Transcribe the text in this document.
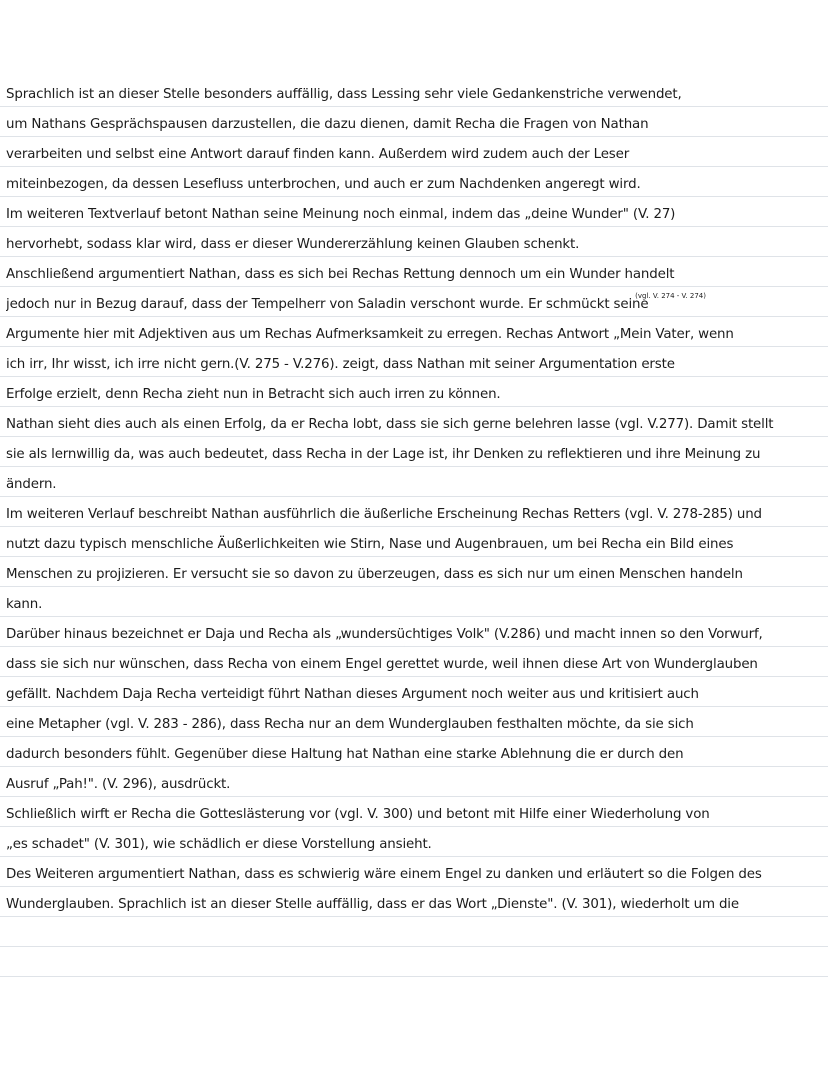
Sprachlich ist an dieser Stelle besonders auffällig, dass Lessing sehr viele Gedankenstriche verwendet,
um Nathans Gesprächspausen darzustellen, die dazu dienen, damit Recha die Fragen von Nathan
verarbeiten und selbst eine Antwort darauf finden kann. Außerdem wird zudem auch der Leser
miteinbezogen, da dessen Lesefluss unterbrochen, und auch er zum Nachdenken angeregt wird.
Im weiteren Textverlauf betont Nathan seine Meinung noch einmal, indem das „deine Wunder" (V. 27)
hervorhebt, sodass klar wird, dass er dieser Wundererzählung keinen Glauben schenkt.
Anschließend argumentiert Nathan, dass es sich bei Rechas Rettung dennoch um ein Wunder handelt
jedoch nur in Bezug darauf, dass der Tempelherr von Saladin verschont wurde. Er schmückt seine
Argumente hier mit Adjektiven aus um Rechas Aufmerksamkeit zu erregen. Rechas Antwort „Mein Vater, wenn
ich irr, Ihr wisst, ich irre nicht gern.(V. 275 - V.276). zeigt, dass Nathan mit seiner Argumentation erste
Erfolge erzielt, denn Recha zieht nun in Betracht sich auch irren zu können.
Nathan sieht dies auch als einen Erfolg, da er Recha lobt, dass sie sich gerne belehren lasse (vgl. V.277). Damit stellt
sie als lernwillig da, was auch bedeutet, dass Recha in der Lage ist, ihr Denken zu reflektieren und ihre Meinung zu
ändern.
Im weiteren Verlauf beschreibt Nathan ausführlich die äußerliche Erscheinung Rechas Retters (vgl. V. 278-285) und
nutzt dazu typisch menschliche Äußerlichkeiten wie Stirn, Nase und Augenbrauen, um bei Recha ein Bild eines
Menschen zu projizieren. Er versucht sie so davon zu überzeugen, dass es sich nur um einen Menschen handeln
kann.
Darüber hinaus bezeichnet er Daja und Recha als „wundersüchtiges Volk" (V.286) und macht innen so den Vorwurf,
dass sie sich nur wünschen, dass Recha von einem Engel gerettet wurde, weil ihnen diese Art von Wunderglauben
gefällt. Nachdem Daja Recha verteidigt führt Nathan dieses Argument noch weiter aus und kritisiert auch
eine Metapher (vgl. V. 283 - 286), dass Recha nur an dem Wunderglauben festhalten möchte, da sie sich
dadurch besonders fühlt. Gegenüber diese Haltung hat Nathan eine starke Ablehnung die er durch den
Ausruf „Pah!". (V. 296), ausdrückt.
Schließlich wirft er Recha die Gotteslästerung vor (vgl. V. 300) und betont mit Hilfe einer Wiederholung von
„es schadet" (V. 301), wie schädlich er diese Vorstellung ansieht.
Des Weiteren argumentiert Nathan, dass es schwierig wäre einem Engel zu danken und erläutert so die Folgen des
Wunderglauben. Sprachlich ist an dieser Stelle auffällig, dass er das Wort „Dienste". (V. 301), wiederholt um die
(vgl. V. 274 - V. 274)
